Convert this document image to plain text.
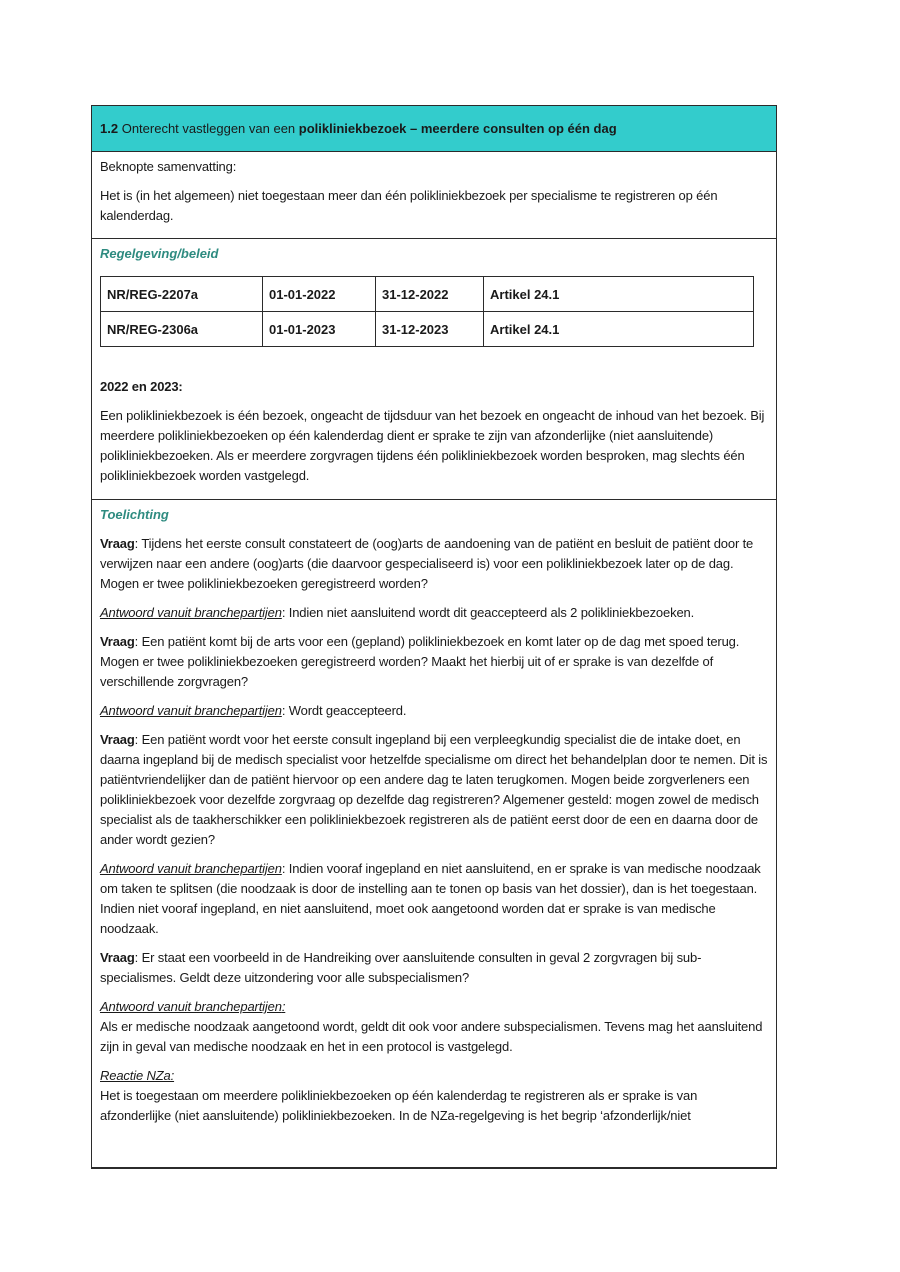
1.2 Onterecht vastleggen van een polikliniekbezoek – meerdere consulten op één dag

Beknopte samenvatting:

Het is (in het algemeen) niet toegestaan meer dan één polikliniekbezoek per specialisme te registreren op één kalenderdag.

Regelgeving/beleid
NR/REG-2207a	01-01-2022	31-12-2022	Artikel 24.1
NR/REG-2306a	01-01-2023	31-12-2023	Artikel 24.1

2022 en 2023:

Een polikliniekbezoek is één bezoek, ongeacht de tijdsduur van het bezoek en ongeacht de inhoud van het bezoek. Bij meerdere polikliniekbezoeken op één kalenderdag dient er sprake te zijn van afzonderlijke (niet aansluitende) polikliniekbezoeken. Als er meerdere zorgvragen tijdens één polikliniekbezoek worden besproken, mag slechts één polikliniekbezoek worden vastgelegd.

Toelichting

Vraag: Tijdens het eerste consult constateert de (oog)arts de aandoening van de patiënt en besluit de patiënt door te verwijzen naar een andere (oog)arts (die daarvoor gespecialiseerd is) voor een polikliniekbezoek later op de dag. Mogen er twee polikliniekbezoeken geregistreerd worden?

Antwoord vanuit branchepartijen: Indien niet aansluitend wordt dit geaccepteerd als 2 polikliniekbezoeken.

Vraag: Een patiënt komt bij de arts voor een (gepland) polikliniekbezoek en komt later op de dag met spoed terug. Mogen er twee polikliniekbezoeken geregistreerd worden? Maakt het hierbij uit of er sprake is van dezelfde of verschillende zorgvragen?

Antwoord vanuit branchepartijen: Wordt geaccepteerd.

Vraag: Een patiënt wordt voor het eerste consult ingepland bij een verpleegkundig specialist die de intake doet, en daarna ingepland bij de medisch specialist voor hetzelfde specialisme om direct het behandelplan door te nemen. Dit is patiëntvriendelijker dan de patiënt hiervoor op een andere dag te laten terugkomen. Mogen beide zorgverleners een polikliniekbezoek voor dezelfde zorgvraag op dezelfde dag registreren? Algemener gesteld: mogen zowel de medisch specialist als de taakherschikker een polikliniekbezoek registreren als de patiënt eerst door de een en daarna door de ander wordt gezien?

Antwoord vanuit branchepartijen: Indien vooraf ingepland en niet aansluitend, en er sprake is van medische noodzaak om taken te splitsen (die noodzaak is door de instelling aan te tonen op basis van het dossier), dan is het toegestaan. Indien niet vooraf ingepland, en niet aansluitend, moet ook aangetoond worden dat er sprake is van medische noodzaak.

Vraag: Er staat een voorbeeld in de Handreiking over aansluitende consulten in geval 2 zorgvragen bij sub-specialismes. Geldt deze uitzondering voor alle subspecialismen?

Antwoord vanuit branchepartijen:

Als er medische noodzaak aangetoond wordt, geldt dit ook voor andere subspecialismen. Tevens mag het aansluitend zijn in geval van medische noodzaak en het in een protocol is vastgelegd.

Reactie NZa:

Het is toegestaan om meerdere polikliniekbezoeken op één kalenderdag te registreren als er sprake is van afzonderlijke (niet aansluitende) polikliniekbezoeken. In de NZa-regelgeving is het begrip ‘afzonderlijk/niet
